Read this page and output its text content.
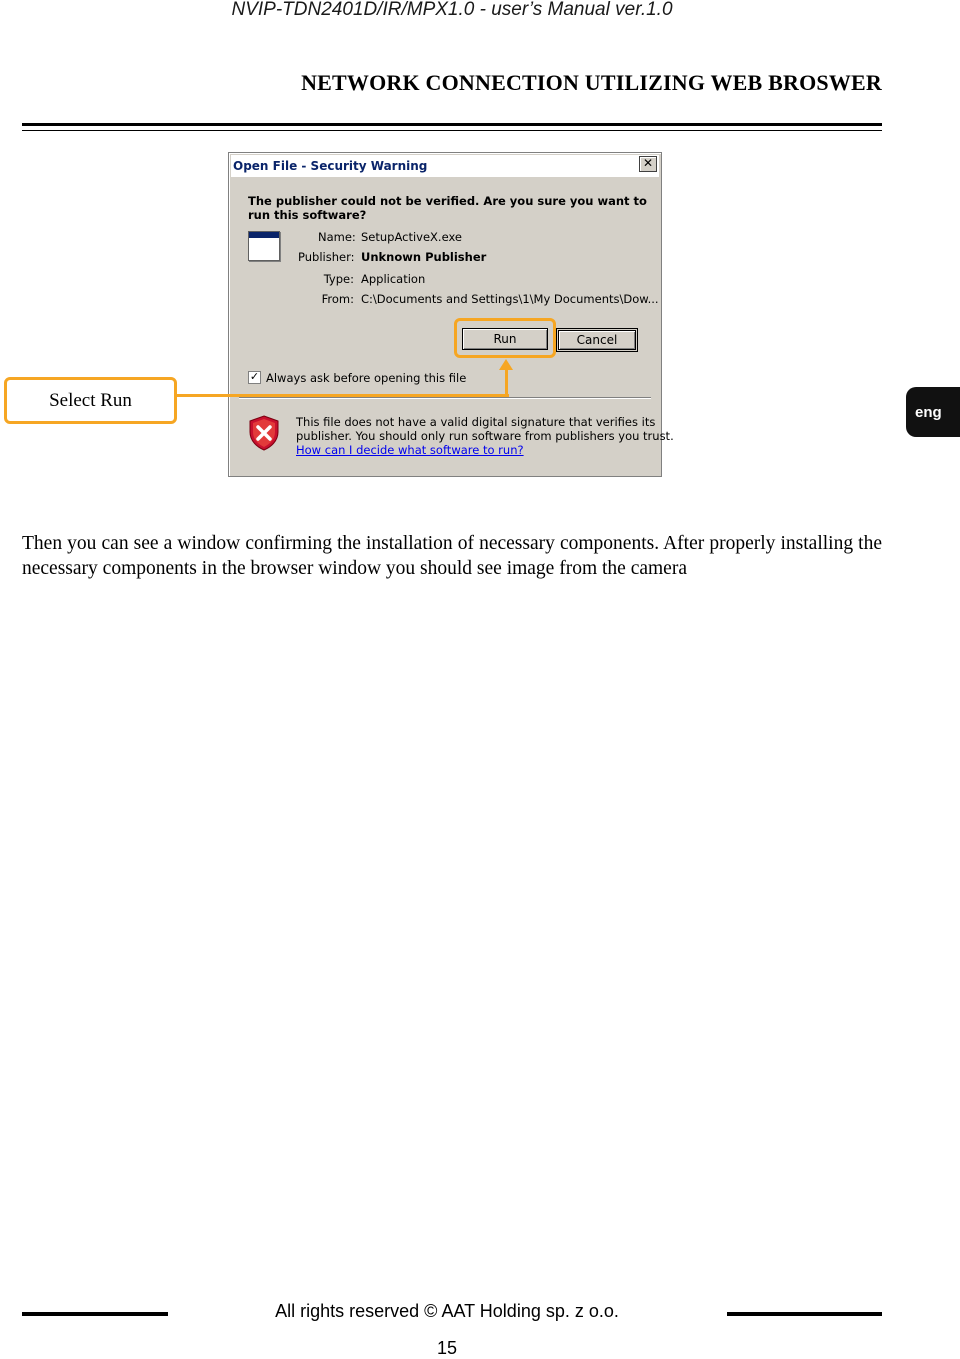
NVIP-TDN2401D/IR/MPX1.0 - user’s Manual ver.1.0
NETWORK CONNECTION UTILIZING WEB BROSWER
Open File - Security Warning	✕
The publisher could not be verified. Are you sure you want to
run this software?
Name: SetupActiveX.exe
Publisher: Unknown Publisher
Type: Application
From: C:\Documents and Settings\1\My Documents\Dow...
Run	Cancel
✓ Always ask before opening this file
This file does not have a valid digital signature that verifies its
publisher. You should only run software from publishers you trust.
How can I decide what software to run?
Select Run
eng
Then you can see a window confirming the installation of necessary components. After properly installing the necessary components in the browser window you should see image from the camera
All rights reserved © AAT Holding sp. z o.o.
15
